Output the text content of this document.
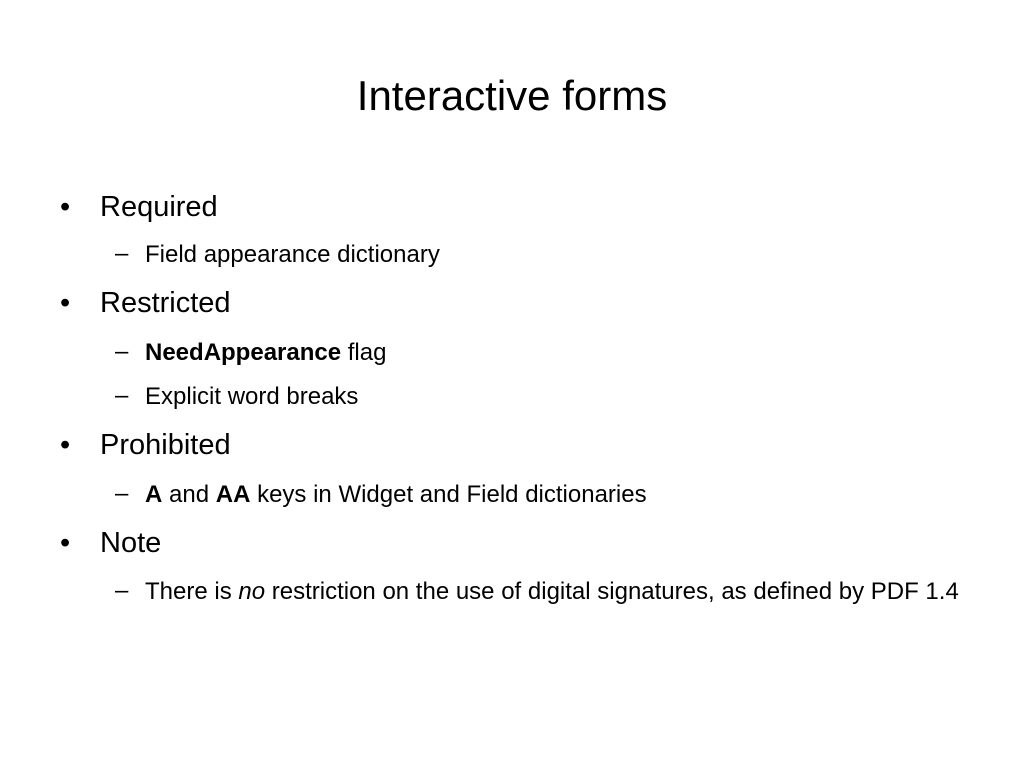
Interactive forms
• Required
– Field appearance dictionary
• Restricted
– NeedAppearance flag
– Explicit word breaks
• Prohibited
– A and AA keys in Widget and Field dictionaries
• Note
– There is no restriction on the use of digital signatures, as defined by PDF 1.4
